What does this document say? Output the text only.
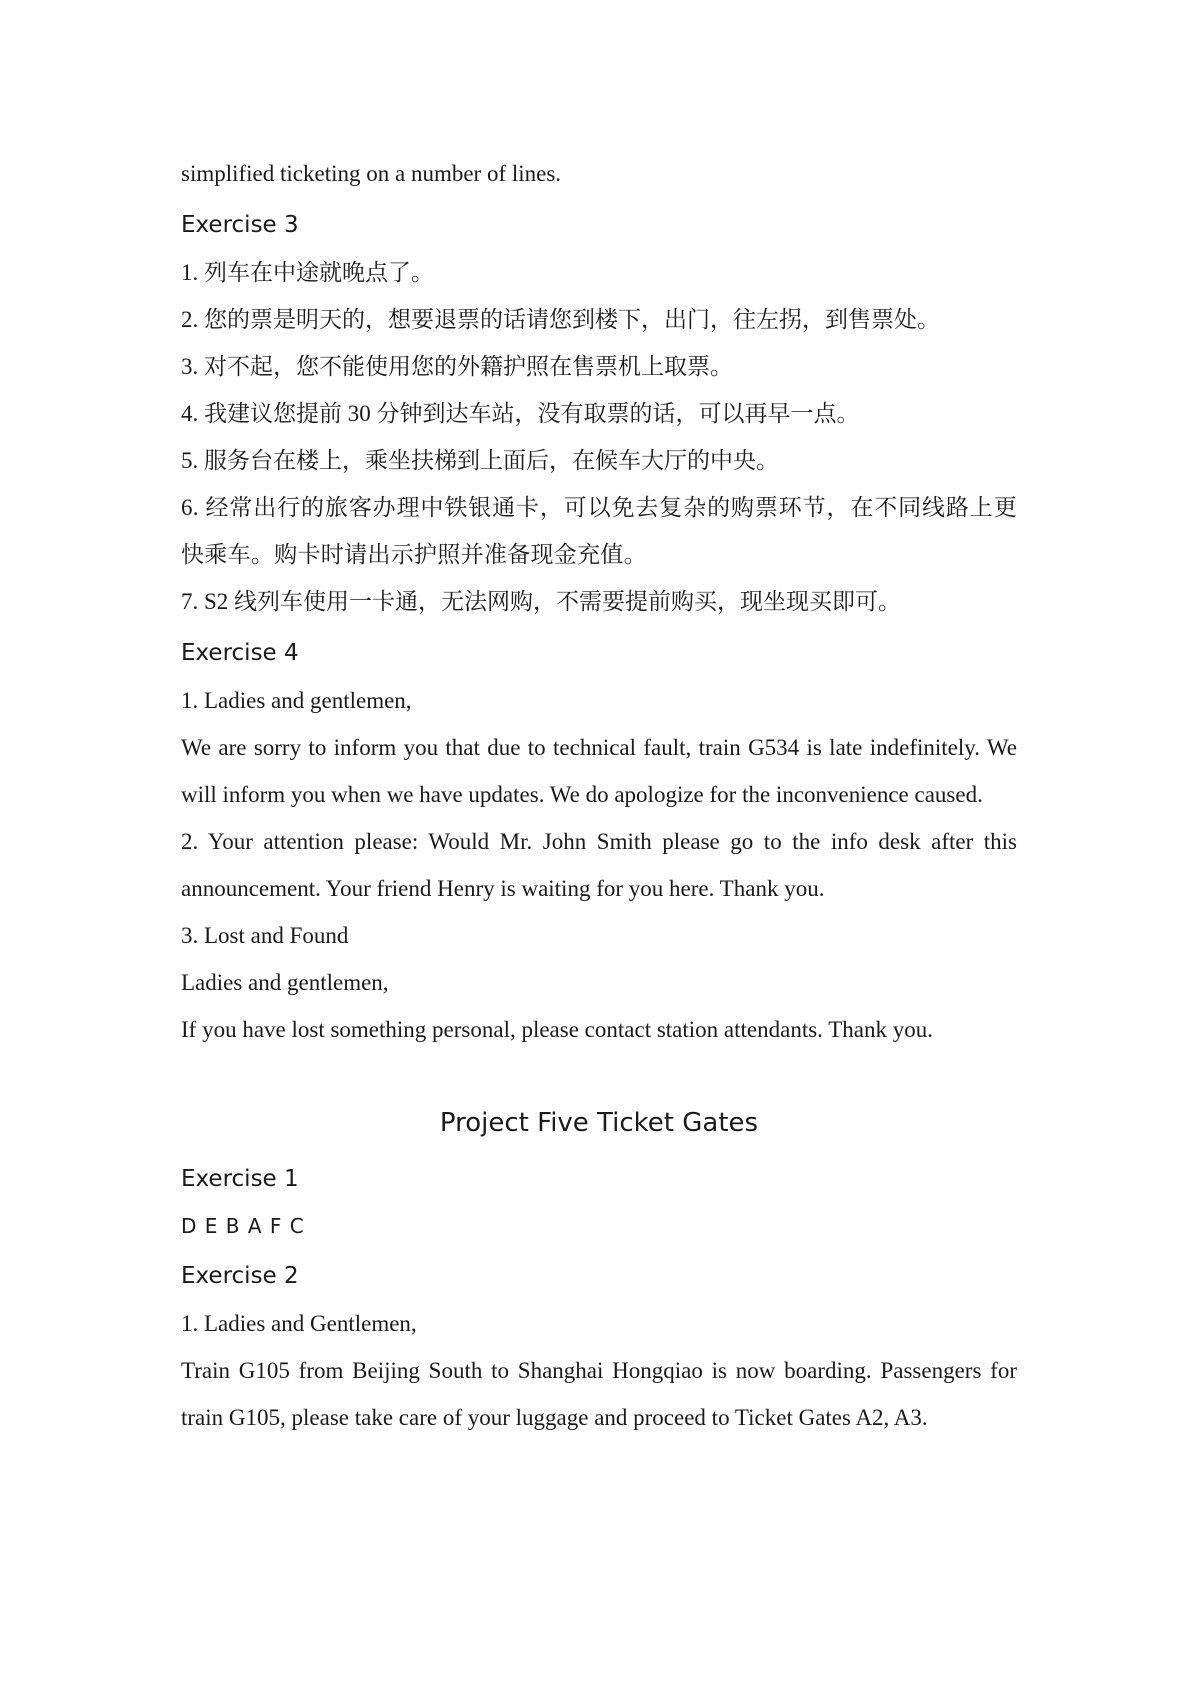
simplified ticketing on a number of lines.

Exercise 3

1. 列车在中途就晚点了。

2. 您的票是明天的，想要退票的话请您到楼下，出门，往左拐，到售票处。

3. 对不起，您不能使用您的外籍护照在售票机上取票。

4. 我建议您提前 30 分钟到达车站，没有取票的话，可以再早一点。

5. 服务台在楼上，乘坐扶梯到上面后，在候车大厅的中央。

6. 经常出行的旅客办理中铁银通卡，可以免去复杂的购票环节，在不同线路上更快乘车。购卡时请出示护照并准备现金充值。

7. S2 线列车使用一卡通，无法网购，不需要提前购买，现坐现买即可。

Exercise 4

1. Ladies and gentlemen,

We are sorry to inform you that due to technical fault, train G534 is late indefinitely. We will inform you when we have updates. We do apologize for the inconvenience caused.

2. Your attention please: Would Mr. John Smith please go to the info desk after this announcement. Your friend Henry is waiting for you here. Thank you.

3. Lost and Found

Ladies and gentlemen,

If you have lost something personal, please contact station attendants. Thank you.

Project Five Ticket Gates
Exercise 1

D E B A F C

Exercise 2

1. Ladies and Gentlemen,

Train G105 from Beijing South to Shanghai Hongqiao is now boarding. Passengers for train G105, please take care of your luggage and proceed to Ticket Gates A2, A3.
